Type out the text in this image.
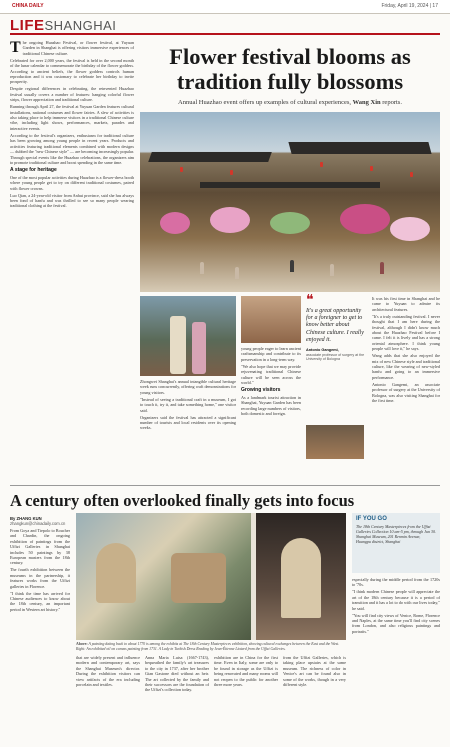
CHINA DAILY	Friday, April 19, 2024 | 17
LIFESHANGHAI

The ongoing Huazhao Festival, or flower festival, at Yuyuan Garden in Shanghai is offering visitors immersive experiences of traditional Chinese culture.

Celebrated for over 2,000 years, the festival is held in the second month of the lunar calendar to commemorate the birthday of the flower goddess. According to ancient beliefs, the flower goddess controls human reproduction and it was customary to celebrate her birthday to invite prosperity.

Despite regional differences in celebrating, the reinvented Huazhao festival usually covers a number of features: hanging colorful flower strips, flower appreciation and traditional culture.

Running through April 27, the festival at Yuyuan Garden features cultural installations, national costumes and flower fairies. A slew of activities is also taking place to help immerse visitors in a traditional Chinese culture vibe, including light shows, performances, markets, parades and interactive events.

According to the festival's organizers, enthusiasm for traditional culture has been growing among young people in recent years. Products and activities featuring traditional elements combined with modern designs — dubbed the "new Chinese style" — are becoming increasingly popular. Through special events like the Huazhao celebrations, the organizers aim to promote traditional culture and boost spending in the same time.

A stage for heritage

One of the most popular activities during Huazhao is a flower-dress booth where young people get to try on different traditional costumes, paired with flower crowns.

Luo Qian, a 24-year-old visitor from Anhui province, said she has always been fond of hanfu and was thrilled to see so many people wearing traditional clothing at the festival.

Flower festival blooms as tradition fully blossoms
Annual Huazhao event offers up examples of cultural experiences, Wang Xin reports.

Zhongwei Shanghai's annual intangible cultural heritage week runs concurrently, offering craft demonstrations for young visitors.

"Instead of seeing a traditional craft in a museum, I got to touch it, try it, and take something home," one visitor said.

Organizers said the festival has attracted a significant number of tourists and local residents over its opening weeks.

young people eager to learn ancient craftsmanship and contribute to its preservation in a long-term way.

"We also hope that we may provide rejuvenating traditional Chinese culture will be seen across the world."

Growing visitors

As a landmark tourist attraction in Shanghai, Yuyuan Garden has been recording large numbers of visitors, both domestic and foreign.

❝
It's a great opportunity for a foreigner to get to know better about Chinese culture. I really enjoyed it.
Antonio Gangemi,
associate professor of surgery at the University of Bologna

It was his first time in Shanghai and he came to Yuyuan to admire its architectural features.

"It's a truly outstanding festival. I never thought that I am here during the festival, although I didn't know much about the Huazhao Festival before I came. I felt it is lively and has a strong oriental atmosphere. I think young people will love it," he says.

Wang adds that she also enjoyed the mix of new Chinese style and traditional culture, like the wearing of new-styled hanfu and going to an immersive performance.

Antonio Gangemi, an associate professor of surgery at the University of Bologna, was also visiting Shanghai for the first time.

A century often overlooked finally gets into focus
By ZHANG KUN
zhangkun@chinadaily.com.cn

From Goya and Tiepolo to Boucher and Chardin, the ongoing exhibition of paintings from the Uffizi Galleries in Shanghai includes 50 paintings by 38 European masters from the 18th century.

The fourth exhibition between the museums in the partnership, it features works from the Uffizi galleries in Florence.

"I think the time has arrived for Chinese audiences to know about the 18th century, an important period in Western art history."

Above: A painting dating back to about 1770 is among the exhibits at The 18th Century Masterpieces exhibition, showing cultural exchanges between the East and the West. Right: An exhibited oil on canvas painting from 1731. A Lady in Turkish Dress Reading by Jean-Étienne Liotard from the Uffizi Galleries.

that are widely present and influence modern and contemporary art, says the Shanghai Museum's director. During the exhibition visitors can view artifacts of the era including porcelain and textiles.

Anna Maria Luisa (1667-1743), bequeathed the family's art treasures to the city in 1737, after her brother Gian Gastone died without an heir. The art collected by the family and their successors are the foundation of the Uffizi's collection today.

exhibition are in China for the first time. Even in Italy, some are only to be found in storage as the Uffizi is being renovated and many rooms will not reopen to the public for another three more years.

from the Uffizi Galleries, which is taking place upstairs at the same museum. The richness of color in Venice's art can be found also in some of the works, though in a very different style.

IF YOU GO
The 18th Century Masterpieces from the Uffizi Galleries Collection 10 am-5 pm, through Jun 30. Shanghai Museum, 201 Renmin Avenue, Huangpu district, Shanghai

especially during the middle period from the 1720s to '70s.

"I think modern Chinese people will appreciate the art of the 18th century because it is a period of transition and it has a lot to do with our lives today," he said.

"You will find city views of Venice, Rome, Florence and Naples, at the same time you'll find city scenes from London, and also religious paintings and portraits."
